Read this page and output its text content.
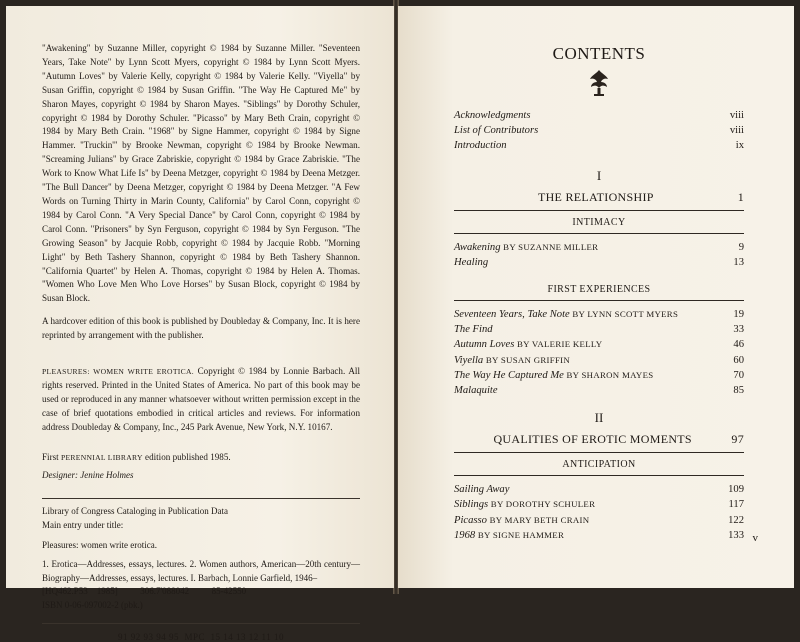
"Awakening" by Suzanne Miller, copyright © 1984 by Suzanne Miller. "Seventeen Years, Take Note" by Lynn Scott Myers, copyright © 1984 by Lynn Scott Myers. "Autumn Loves" by Valerie Kelly, copyright © 1984 by Valerie Kelly. "Viyella" by Susan Griffin, copyright © 1984 by Susan Griffin. "The Way He Captured Me" by Sharon Mayes, copyright © 1984 by Sharon Mayes. "Siblings" by Dorothy Schuler, copyright © 1984 by Dorothy Schuler. "Picasso" by Mary Beth Crain, copyright © 1984 by Mary Beth Crain. "1968" by Signe Hammer, copyright © 1984 by Signe Hammer. "Truckin'" by Brooke Newman, copyright © 1984 by Brooke Newman. "Screaming Julians" by Grace Zabriskie, copyright © 1984 by Grace Zabriskie. "The Work to Know What Life Is" by Deena Metzger, copyright © 1984 by Deena Metzger. "The Bull Dancer" by Deena Metzger, copyright © 1984 by Deena Metzger. "A Few Words on Turning Thirty in Marin County, California" by Carol Conn, copyright © 1984 by Carol Conn. "A Very Special Dance" by Carol Conn, copyright © 1984 by Carol Conn. "Prisoners" by Syn Ferguson, copyright © 1984 by Syn Ferguson. "The Growing Season" by Jacquie Robb, copyright © 1984 by Jacquie Robb. "Morning Light" by Beth Tashery Shannon, copyright © 1984 by Beth Tashery Shannon. "California Quartet" by Helen A. Thomas, copyright © 1984 by Helen A. Thomas. "Women Who Love Men Who Love Horses" by Susan Block, copyright © 1984 by Susan Block.

A hardcover edition of this book is published by Doubleday & Company, Inc. It is here reprinted by arrangement with the publisher.

PLEASURES: WOMEN WRITE EROTICA. Copyright © 1984 by Lonnie Barbach. All rights reserved. Printed in the United States of America. No part of this book may be used or reproduced in any manner whatsoever without written permission except in the case of brief quotations embodied in critical articles and reviews. For information address Doubleday & Company, Inc., 245 Park Avenue, New York, N.Y. 10167.

First PERENNIAL LIBRARY edition published 1985.

Designer: Jenine Holmes

Library of Congress Cataloging in Publication Data

Main entry under title:

Pleasures: women write erotica.

1. Erotica—Addresses, essays, lectures. 2. Women authors, American—20th century—Biography—Addresses, essays, lectures. I. Barbach, Lonnie Garfield, 1946–

[HQ462.P53    1985]          306.7'088042          85-42550

ISBN 0-06-097002-2 (pbk.)

91 92 93 94 95  MPC  15 14 13 12 11 10

CONTENTS
Acknowledgments	viii
List of Contributors	viii
Introduction	ix
I
THE RELATIONSHIP	1
INTIMACY
Awakening BY SUZANNE MILLER	9
Healing	13
FIRST EXPERIENCES
Seventeen Years, Take Note BY LYNN SCOTT MYERS	19
The Find	33
Autumn Loves BY VALERIE KELLY	46
Viyella BY SUSAN GRIFFIN	60
The Way He Captured Me BY SHARON MAYES	70
Malaquite	85
II
QUALITIES OF EROTIC MOMENTS	97
ANTICIPATION
Sailing Away	109
Siblings BY DOROTHY SCHULER	117
Picasso BY MARY BETH CRAIN	122
1968 BY SIGNE HAMMER	133 v
